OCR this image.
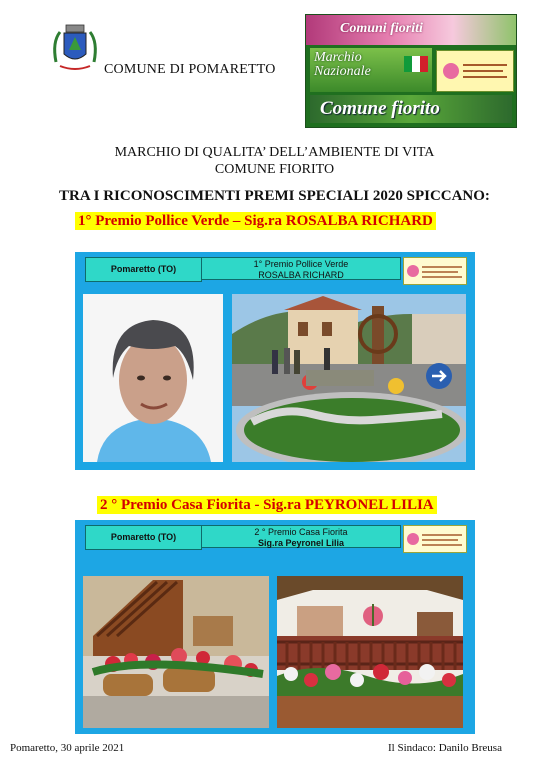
COMUNE DI POMARETTO
Comuni fioriti
Marchio Nazionale
Comune fiorito
MARCHIO DI QUALITA’ DELL’AMBIENTE DI VITA
COMUNE FIORITO
TRA I RICONOSCIMENTI PREMI SPECIALI 2020 SPICCANO:
1° Premio Pollice Verde – Sig.ra ROSALBA RICHARD
Pomaretto (TO)	1° Premio Pollice Verde
ROSALBA RICHARD
2 ° Premio Casa Fiorita - Sig.ra PEYRONEL LILIA
Pomaretto (TO)	2 ° Premio Casa Fiorita
Sig.ra Peyronel Lilia
Pomaretto, 30 aprile 2021	Il Sindaco: Danilo Breusa
